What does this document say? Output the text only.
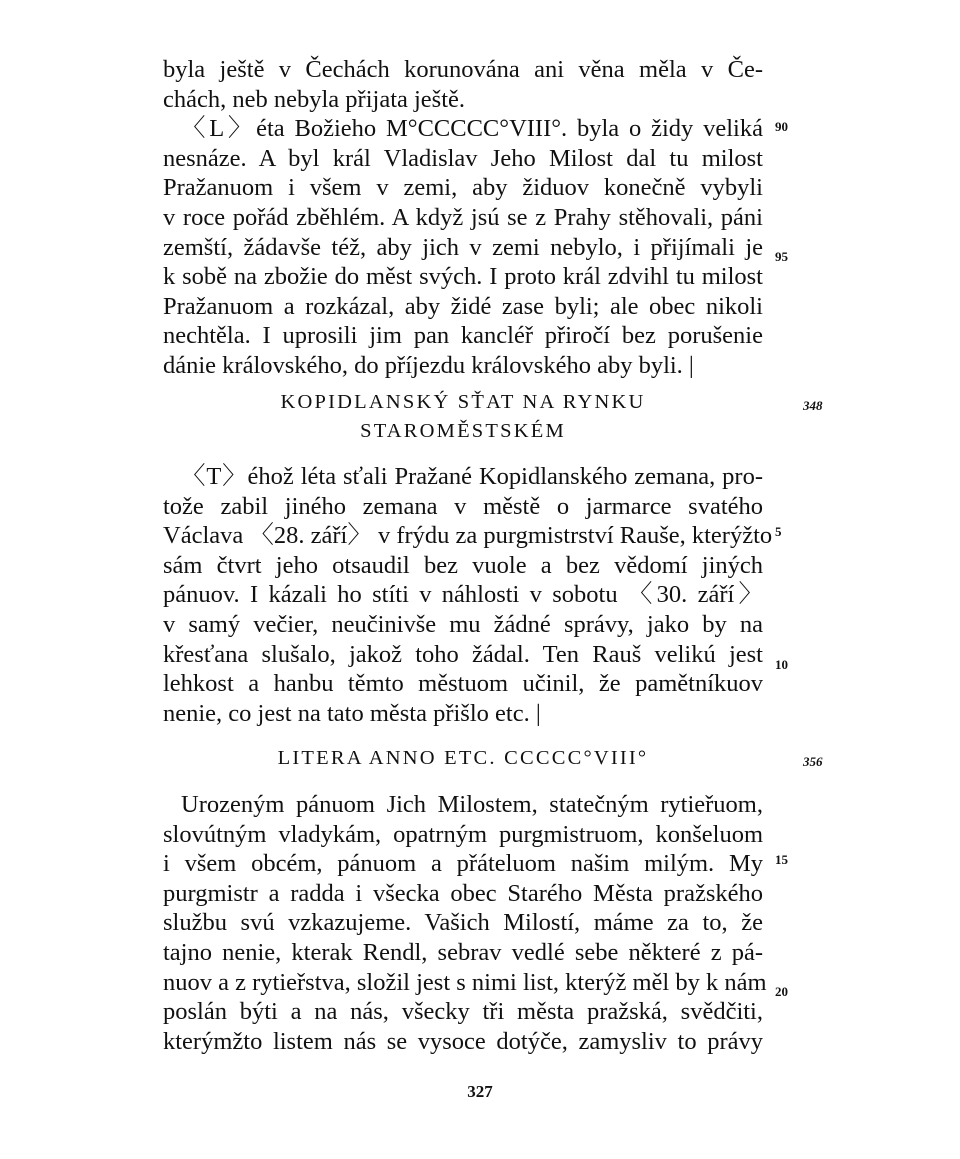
byla ještě v Čechách korunována ani věna měla v Če-
chách, neb nebyla přijata ještě.
〈L〉éta Božieho M°CCCCC°VIII°. byla o židy veliká
nesnáze. A byl král Vladislav Jeho Milost dal tu milost
Pražanuom i všem v zemi, aby židuov konečně vybyli
v roce pořád zběhlém. A když jsú se z Prahy stěhovali, páni
zemští, žádavše též, aby jich v zemi nebylo, i přijímali je
k sobě na zbožie do měst svých. I proto král zdvihl tu milost
Pražanuom a rozkázal, aby židé zase byli; ale obec nikoli
nechtěla. I uprosili jim pan kancléř přiročí bez porušenie
dánie královského, do příjezdu královského aby byli. |
90
95
KOPIDLANSKÝ SŤAT NA RYNKU
STAROMĚSTSKÉM
348
〈T〉éhož léta sťali Pražané Kopidlanského zemana, pro-
tože zabil jiného zemana v městě o jarmarce svatého
Václava 〈28. září〉 v frýdu za purgmistrství Rauše, kterýžto
sám čtvrt jeho otsaudil bez vuole a bez vědomí jiných
pánuov. I kázali ho stíti v náhlosti v sobotu 〈30. září〉
v samý večier, neučinivše mu žádné správy, jako by na
křesťana slušalo, jakož toho žádal. Ten Rauš velikú jest
lehkost a hanbu těmto městuom učinil, že pamětníkuov
nenie, co jest na tato města přišlo etc. |
5
10
LITERA ANNO ETC. CCCCC°VIII°	356
Urozeným pánuom Jich Milostem, statečným rytieřuom,
slovútným vladykám, opatrným purgmistruom, konšeluom
i všem obcém, pánuom a přáteluom našim milým. My
purgmistr a radda i všecka obec Starého Města pražského
službu svú vzkazujeme. Vašich Milostí, máme za to, že
tajno nenie, kterak Rendl, sebrav vedlé sebe některé z pá-
nuov a z rytieřstva, složil jest s nimi list, kterýž měl by k nám
poslán býti a na nás, všecky tři města pražská, svědčiti,
kterýmžto listem nás se vysoce dotýče, zamysliv to právy
15
20
327
